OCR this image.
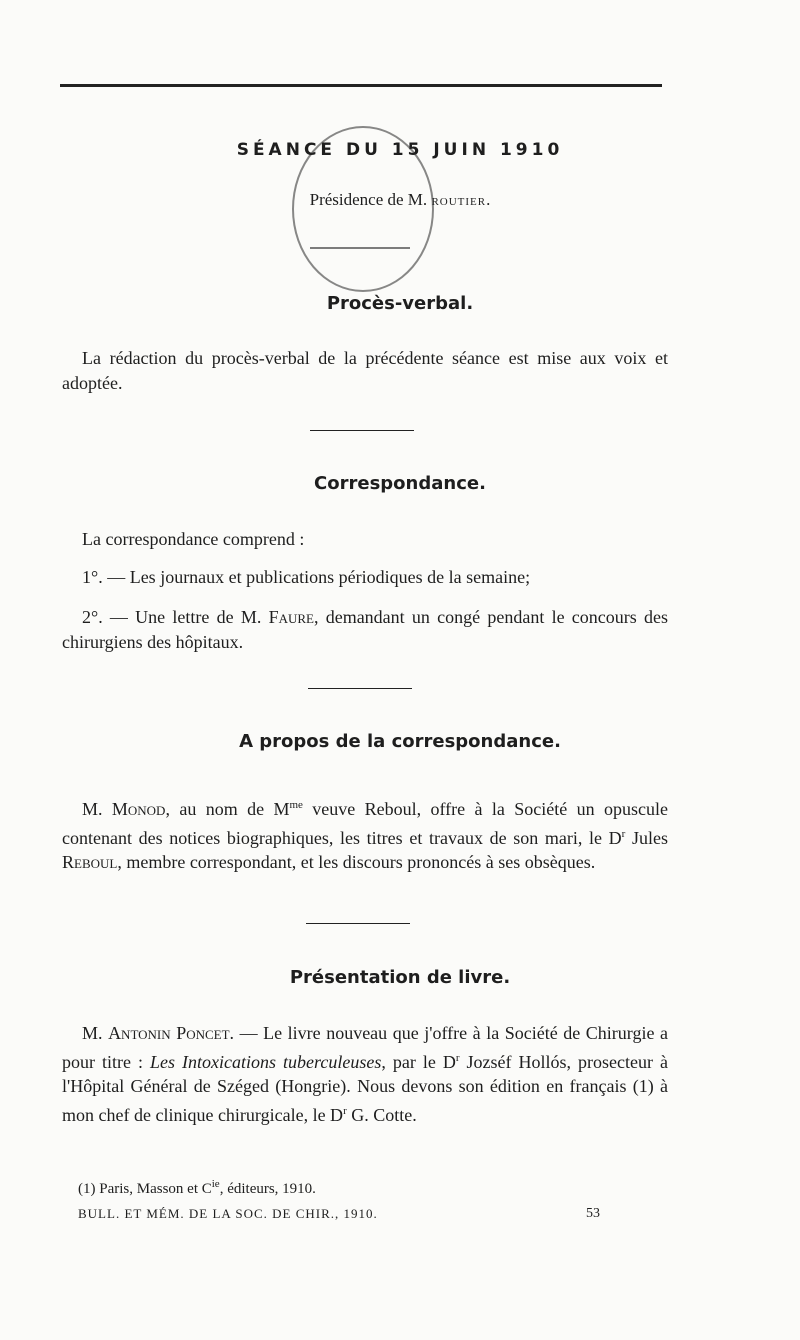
SÉANCE DU 15 JUIN 1910
Présidence de M. ROUTIER.
Procès-verbal.

La rédaction du procès-verbal de la précédente séance est mise aux voix et adoptée.

Correspondance.

La correspondance comprend :

1°. — Les journaux et publications périodiques de la semaine;

2°. — Une lettre de M. Faure, demandant un congé pendant le concours des chirurgiens des hôpitaux.

A propos de la correspondance.

M. Monod, au nom de $M^{me}$ veuve Reboul, offre à la Société un opuscule contenant des notices biographiques, les titres et travaux de son mari, le $D^r$ Jules Reboul, membre correspondant, et les discours prononcés à ses obsèques.

Présentation de livre.

M. Antonin Poncet. — Le livre nouveau que j'offre à la Société de Chirurgie a pour titre : Les Intoxications tuberculeuses, par le $D^r$ Jozséf Hollós, prosecteur à l'Hôpital Général de Széged (Hongrie). Nous devons son édition en français (1) à mon chef de clinique chirurgicale, le $D^r$ G. Cotte.

(1) Paris, Masson et $C^{ie}$, éditeurs, 1910.
BULL. ET MÉM. DE LA SOC. DE CHIR., 1910.	53
